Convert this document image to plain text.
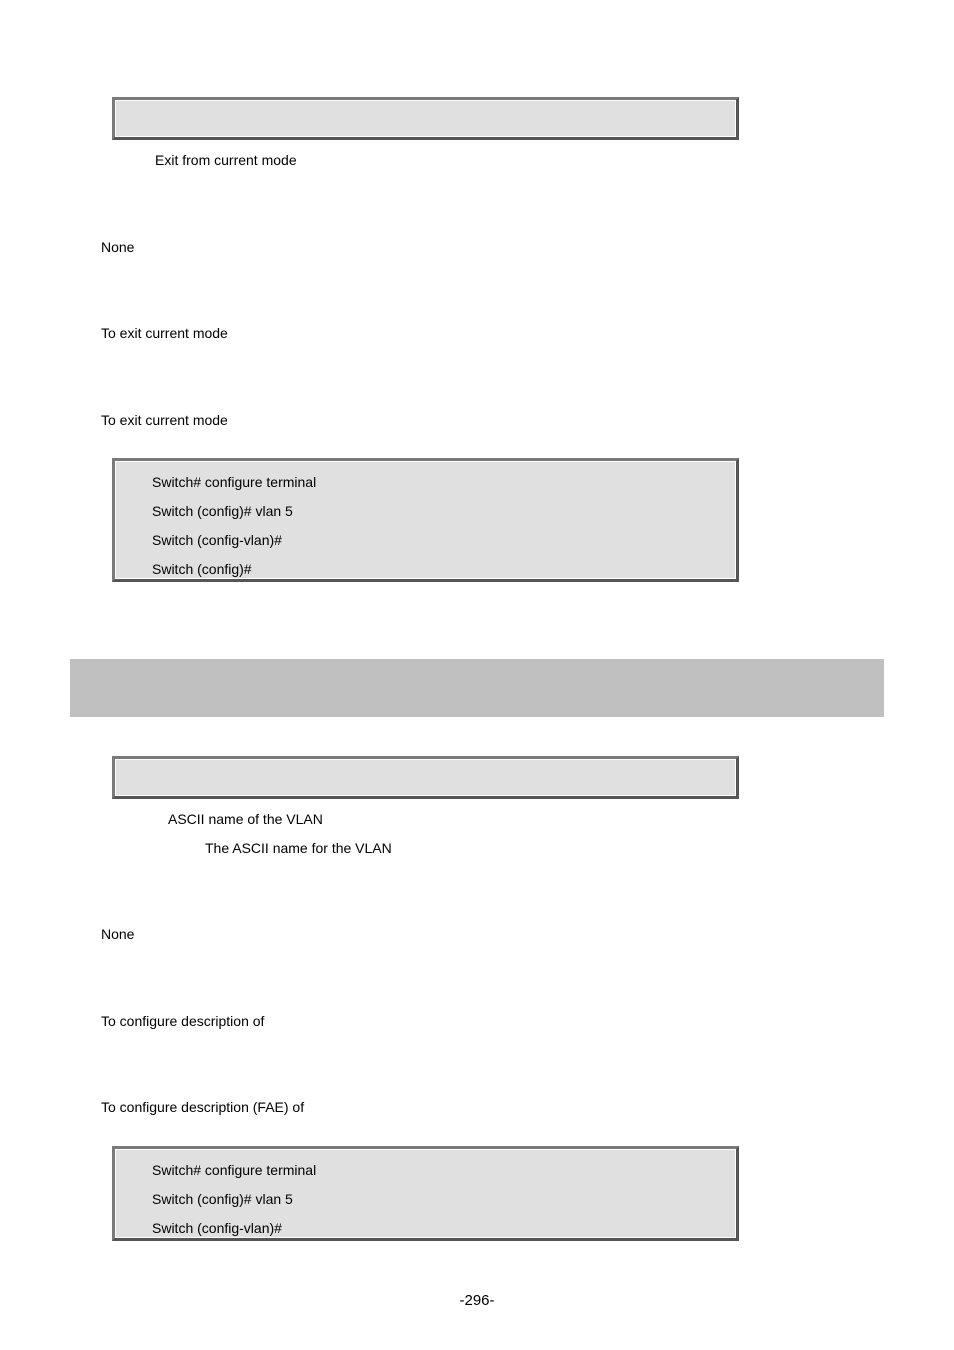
Exit from current mode
None
To exit current mode
To exit current mode
Switch# configure terminal
Switch (config)# vlan 5
Switch (config-vlan)#
Switch (config)#
ASCII name of the VLAN
The ASCII name for the VLAN
None
To configure description of
To configure description (FAE) of
Switch# configure terminal
Switch (config)# vlan 5
Switch (config-vlan)#
-296-
